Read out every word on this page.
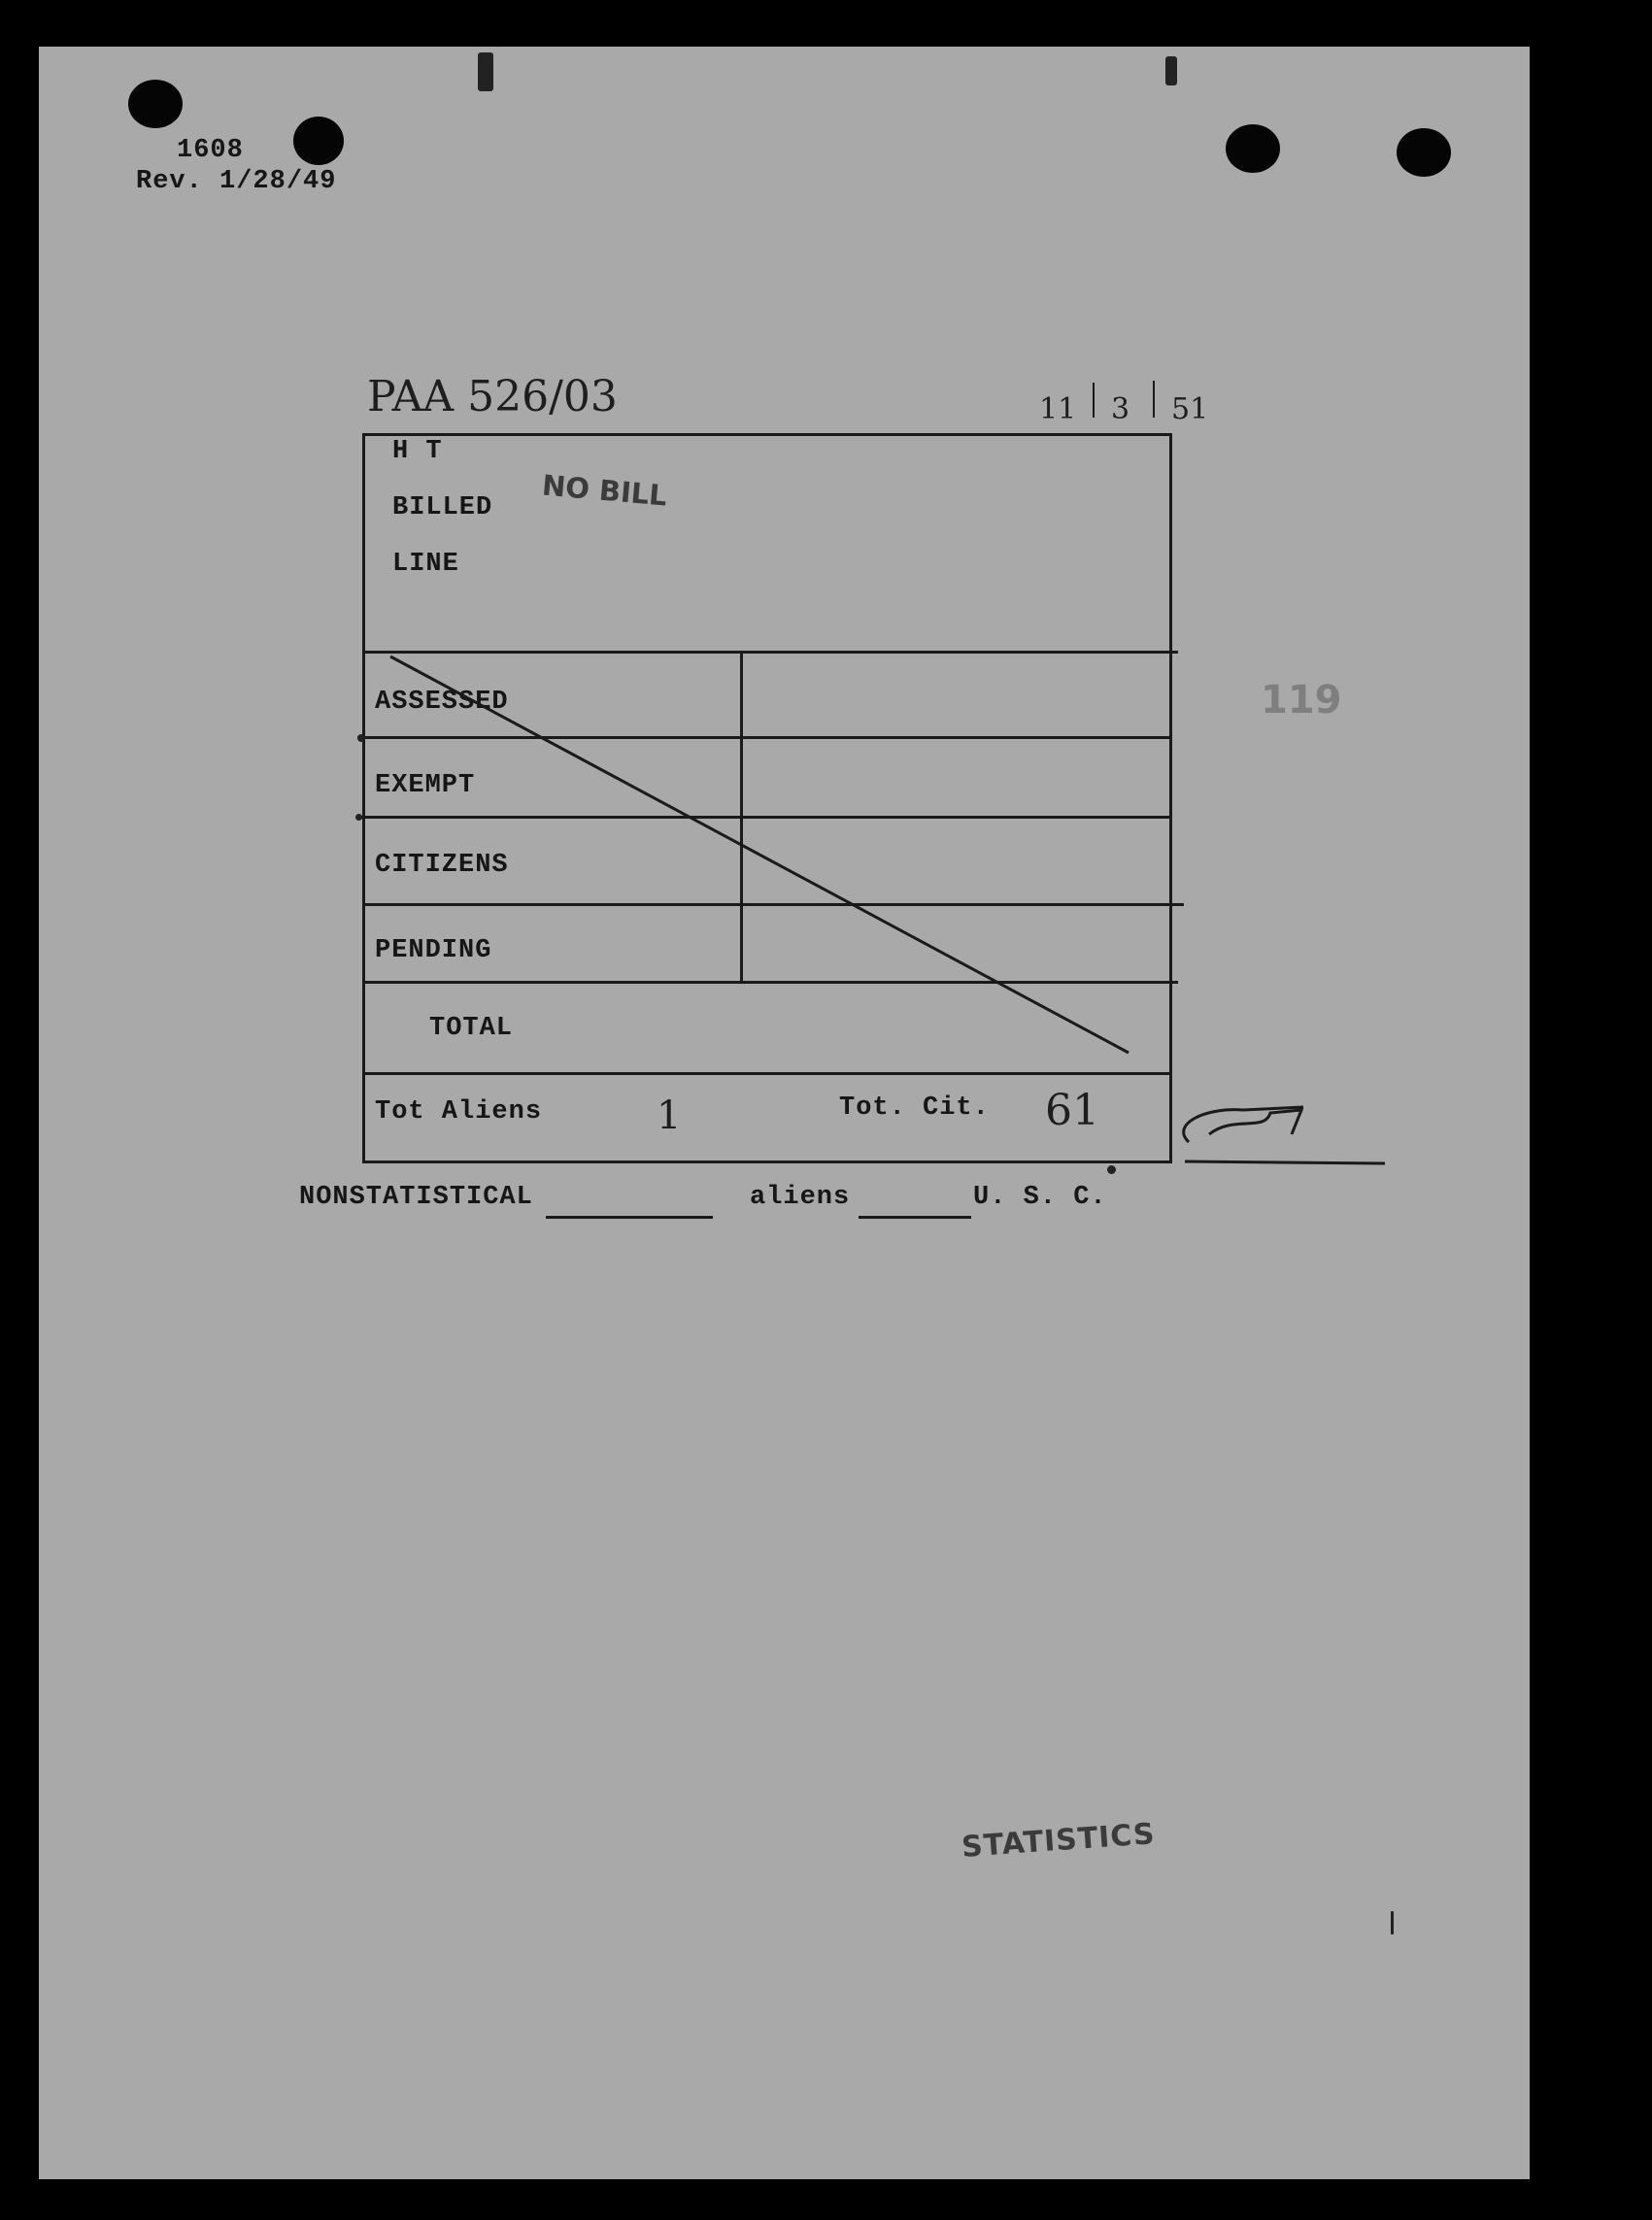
1608
Rev. 1/28/49
PAA 526/03	11 3 51
NO BILL
119
STATISTICS
H T
BILLED
LINE
ASSESSED
EXEMPT
CITIZENS
PENDING
TOTAL
Tot Aliens	1	Tot. Cit. 61
NONSTATISTICAL	aliens	U. S. C.
